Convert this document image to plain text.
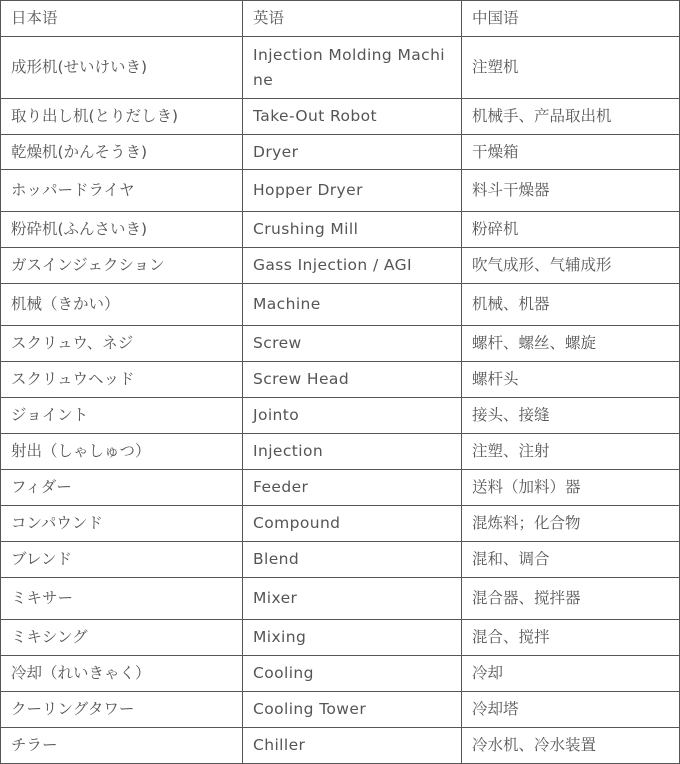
日本语	英语	中国语
成形机(せいけいき)	Injection Molding Machine	注塑机
取り出し机(とりだしき)	Take-Out Robot	机械手、产品取出机
乾燥机(かんそうき)	Dryer	干燥箱
ホッパードライヤ	Hopper Dryer	料斗干燥器
粉砕机(ふんさいき)	Crushing Mill	粉碎机
ガスインジェクション	Gass Injection / AGI	吹气成形、气辅成形
机械（きかい）	Machine	机械、机器
スクリュウ、ネジ	Screw	螺杆、螺丝、螺旋
スクリュウヘッド	Screw Head	螺杆头
ジョイント	Jointo	接头、接缝
射出（しゃしゅつ）	Injection	注塑、注射
フィダー	Feeder	送料（加料）器
コンパウンド	Compound	混炼料；化合物
ブレンド	Blend	混和、调合
ミキサー	Mixer	混合器、搅拌器
ミキシング	Mixing	混合、搅拌
冷却（れいきゃく）	Cooling	冷却
クーリングタワー	Cooling Tower	冷却塔
チラー	Chiller	冷水机、冷水装置
